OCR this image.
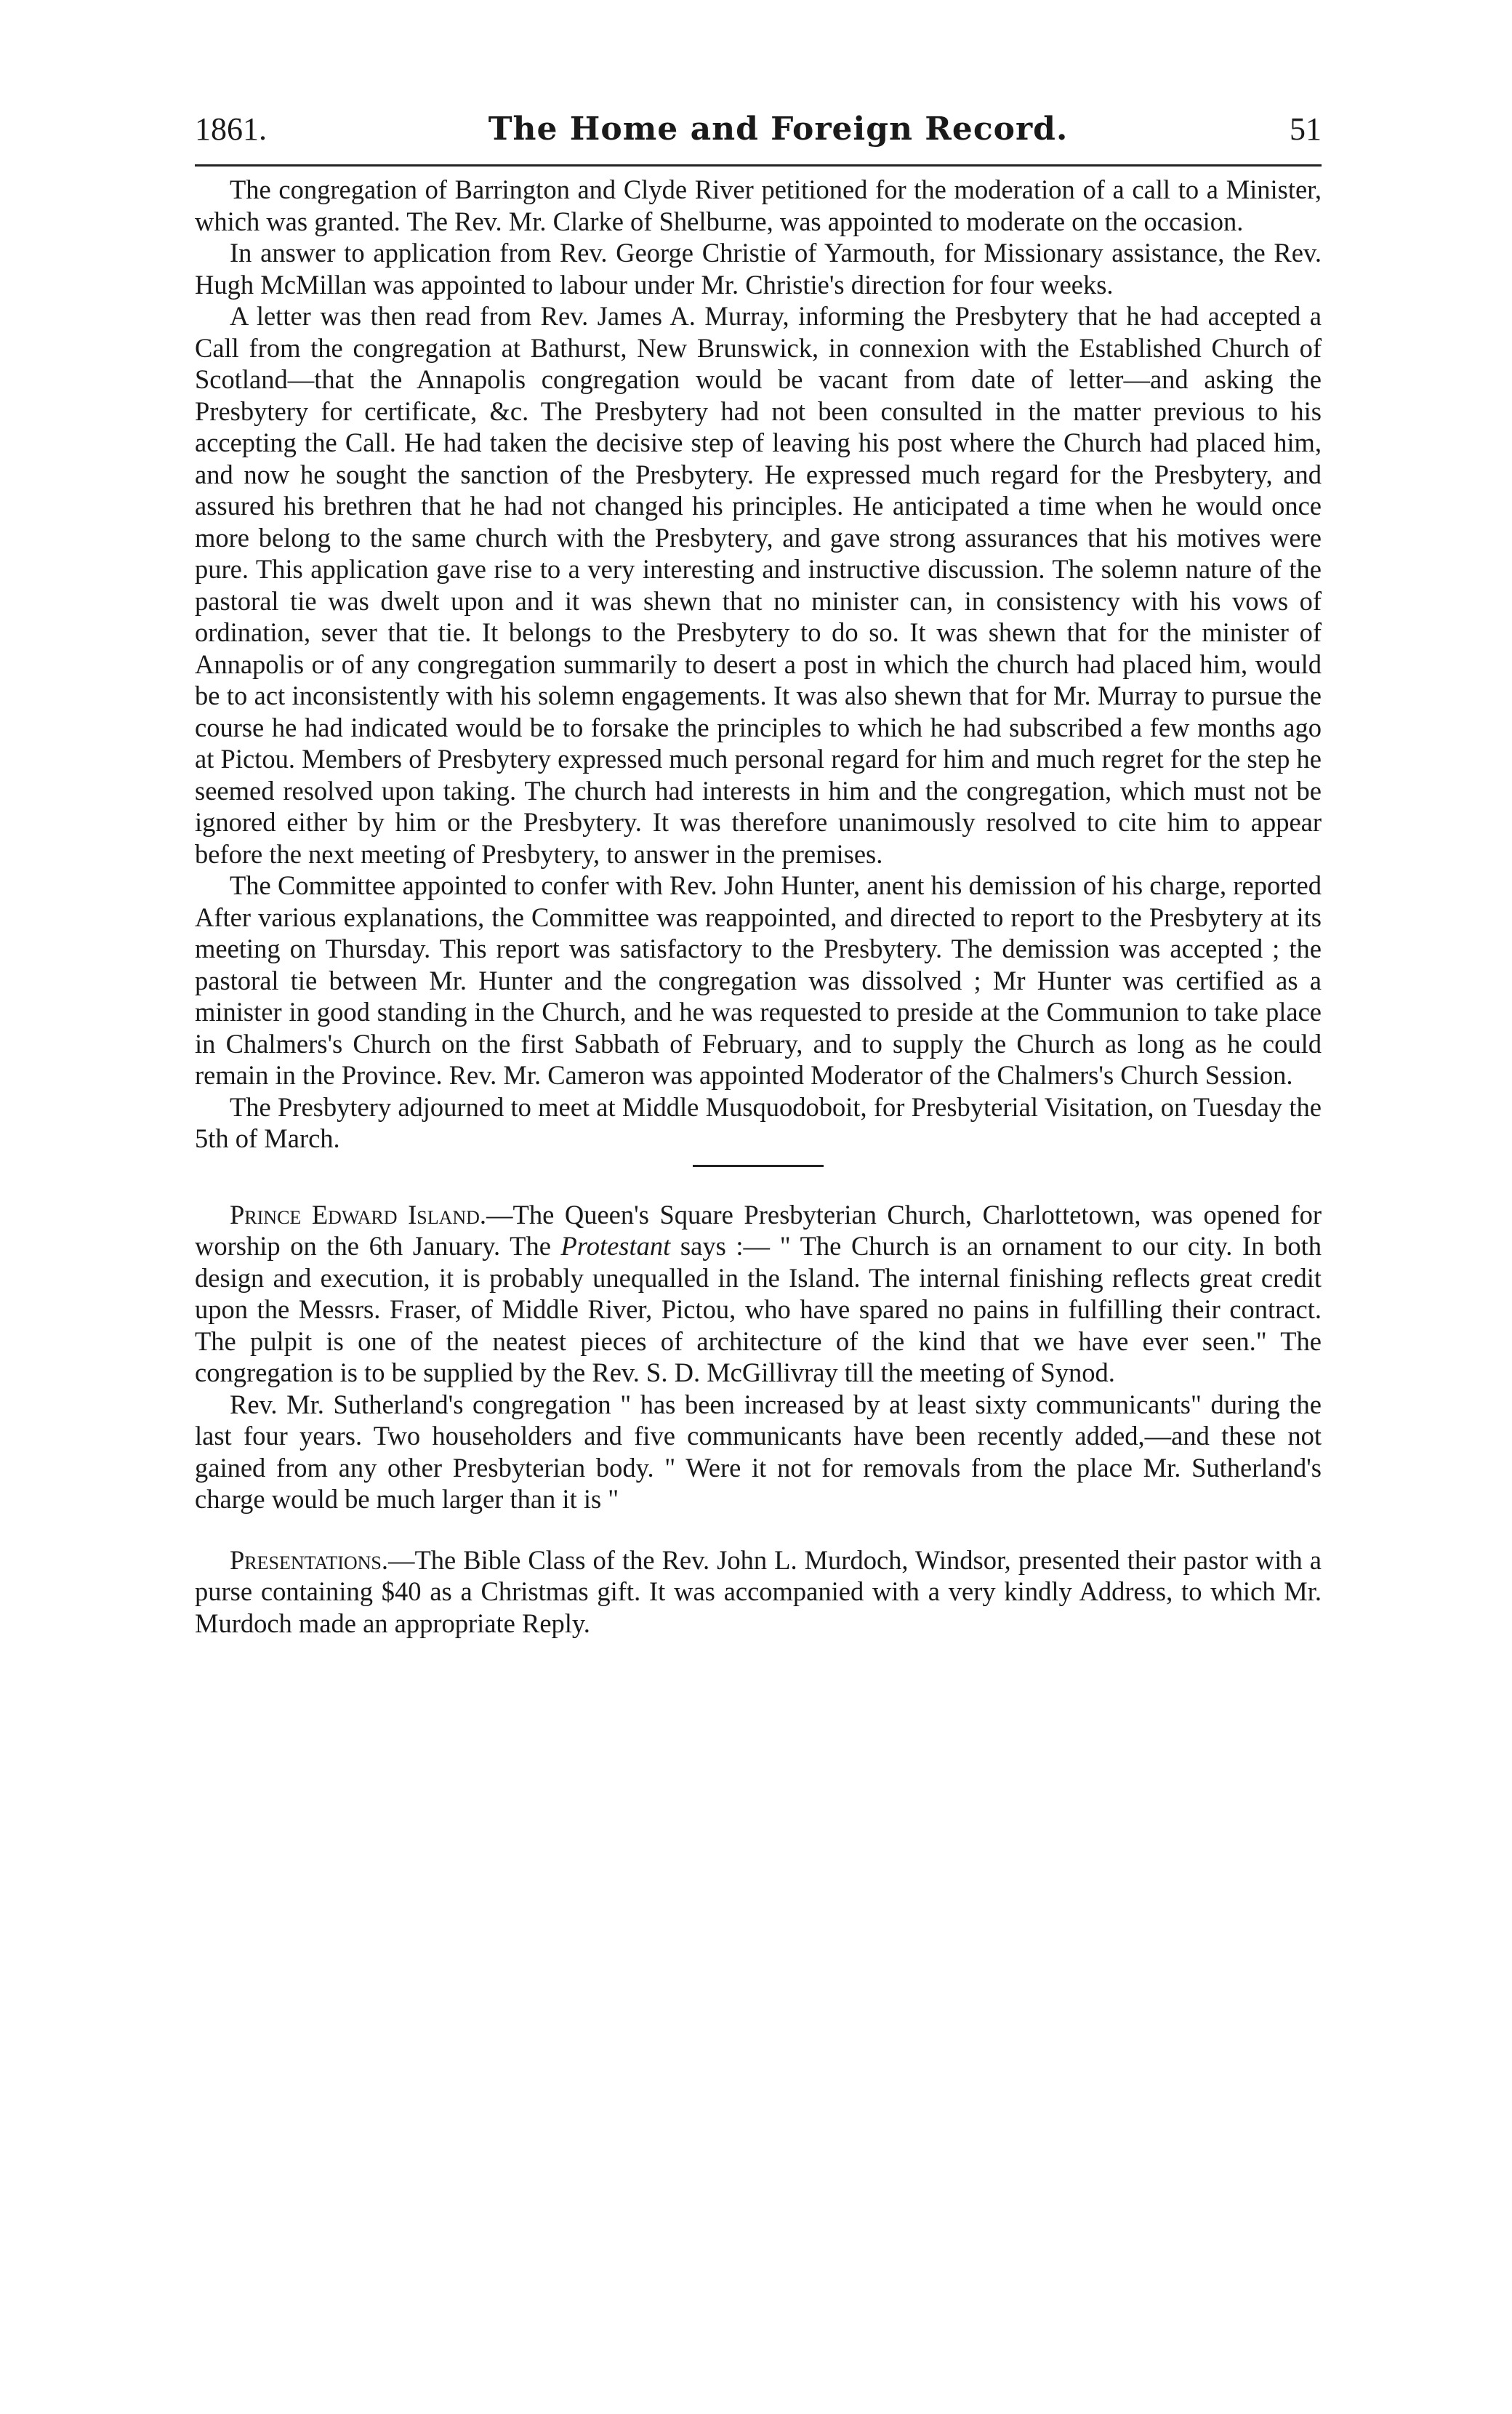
1861.	The Home and Foreign Record.	51

The congregation of Barrington and Clyde River petitioned for the moderation of a call to a Minister, which was granted. The Rev. Mr. Clarke of Shelburne, was appointed to moderate on the occasion.

In answer to application from Rev. George Christie of Yarmouth, for Missionary assistance, the Rev. Hugh McMillan was appointed to labour under Mr. Christie's direction for four weeks.

A letter was then read from Rev. James A. Murray, informing the Presbytery that he had accepted a Call from the congregation at Bathurst, New Brunswick, in connexion with the Established Church of Scotland—that the Annapolis congregation would be vacant from date of letter—and asking the Presbytery for certificate, &c. The Presbytery had not been consulted in the matter previous to his accepting the Call. He had taken the decisive step of leaving his post where the Church had placed him, and now he sought the sanction of the Presbytery. He expressed much regard for the Presbytery, and assured his brethren that he had not changed his principles. He anticipated a time when he would once more belong to the same church with the Presbytery, and gave strong assurances that his motives were pure. This application gave rise to a very interesting and instructive discussion. The solemn nature of the pastoral tie was dwelt upon and it was shewn that no minister can, in consistency with his vows of ordination, sever that tie. It belongs to the Presbytery to do so. It was shewn that for the minister of Annapolis or of any congregation summarily to desert a post in which the church had placed him, would be to act inconsistently with his solemn engagements. It was also shewn that for Mr. Murray to pursue the course he had indicated would be to forsake the principles to which he had subscribed a few months ago at Pictou. Members of Presbytery expressed much personal regard for him and much regret for the step he seemed resolved upon taking. The church had interests in him and the congregation, which must not be ignored either by him or the Presbytery. It was therefore unanimously resolved to cite him to appear before the next meeting of Presbytery, to answer in the premises.

The Committee appointed to confer with Rev. John Hunter, anent his demission of his charge, reported After various explanations, the Committee was reappointed, and directed to report to the Presbytery at its meeting on Thursday. This report was satisfactory to the Presbytery. The demission was accepted ; the pastoral tie between Mr. Hunter and the congregation was dissolved ; Mr Hunter was certified as a minister in good standing in the Church, and he was requested to preside at the Communion to take place in Chalmers's Church on the first Sabbath of February, and to supply the Church as long as he could remain in the Province. Rev. Mr. Cameron was appointed Moderator of the Chalmers's Church Session.

The Presbytery adjourned to meet at Middle Musquodoboit, for Presbyterial Visitation, on Tuesday the 5th of March.

Prince Edward Island.—The Queen's Square Presbyterian Church, Charlottetown, was opened for worship on the 6th January. The Protestant says :— " The Church is an ornament to our city. In both design and execution, it is probably unequalled in the Island. The internal finishing reflects great credit upon the Messrs. Fraser, of Middle River, Pictou, who have spared no pains in fulfilling their contract. The pulpit is one of the neatest pieces of architecture of the kind that we have ever seen." The congregation is to be supplied by the Rev. S. D. McGillivray till the meeting of Synod.

Rev. Mr. Sutherland's congregation " has been increased by at least sixty communicants" during the last four years. Two householders and five communicants have been recently added,—and these not gained from any other Presbyterian body. " Were it not for removals from the place Mr. Sutherland's charge would be much larger than it is "

Presentations.—The Bible Class of the Rev. John L. Murdoch, Windsor, presented their pastor with a purse containing $40 as a Christmas gift. It was accompanied with a very kindly Address, to which Mr. Murdoch made an appropriate Reply.
